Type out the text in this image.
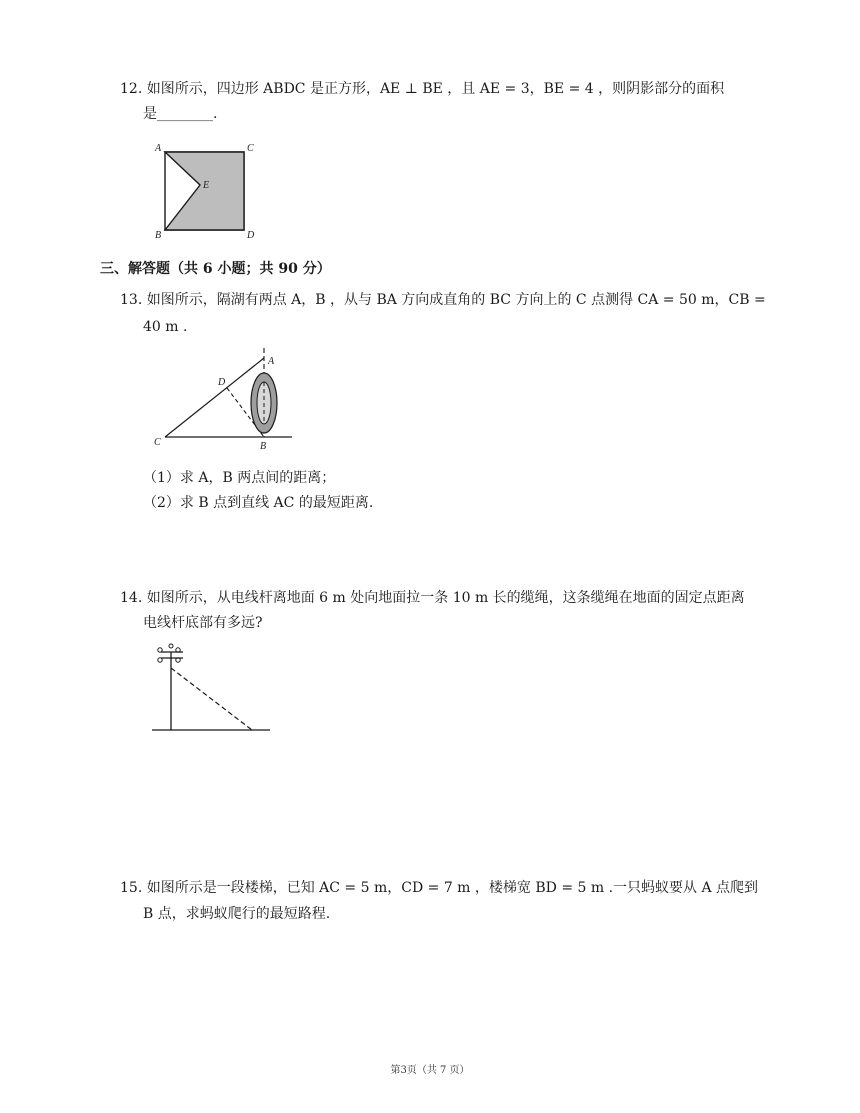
12. 如图所示，四边形 ABDC 是正方形，AE ⊥ BE ，且 AE = 3，BE = 4 ，则阴影部分的面积
是________.
A	C
E
B	D
三、解答题（共 6 小题；共 90 分）
13. 如图所示，隔湖有两点 A，B ，从与 BA 方向成直角的 BC 方向上的 C 点测得 CA = 50 m，CB =
40 m .
A
D
C	B
（1）求 A，B 两点间的距离；
（2）求 B 点到直线 AC 的最短距离.
14. 如图所示，从电线杆离地面 6 m 处向地面拉一条 10 m 长的缆绳，这条缆绳在地面的固定点距离
电线杆底部有多远?
15. 如图所示是一段楼梯，已知 AC = 5 m，CD = 7 m ，楼梯宽 BD = 5 m .一只蚂蚁要从 A 点爬到
B 点，求蚂蚁爬行的最短路程.
第3页（共 7 页）
